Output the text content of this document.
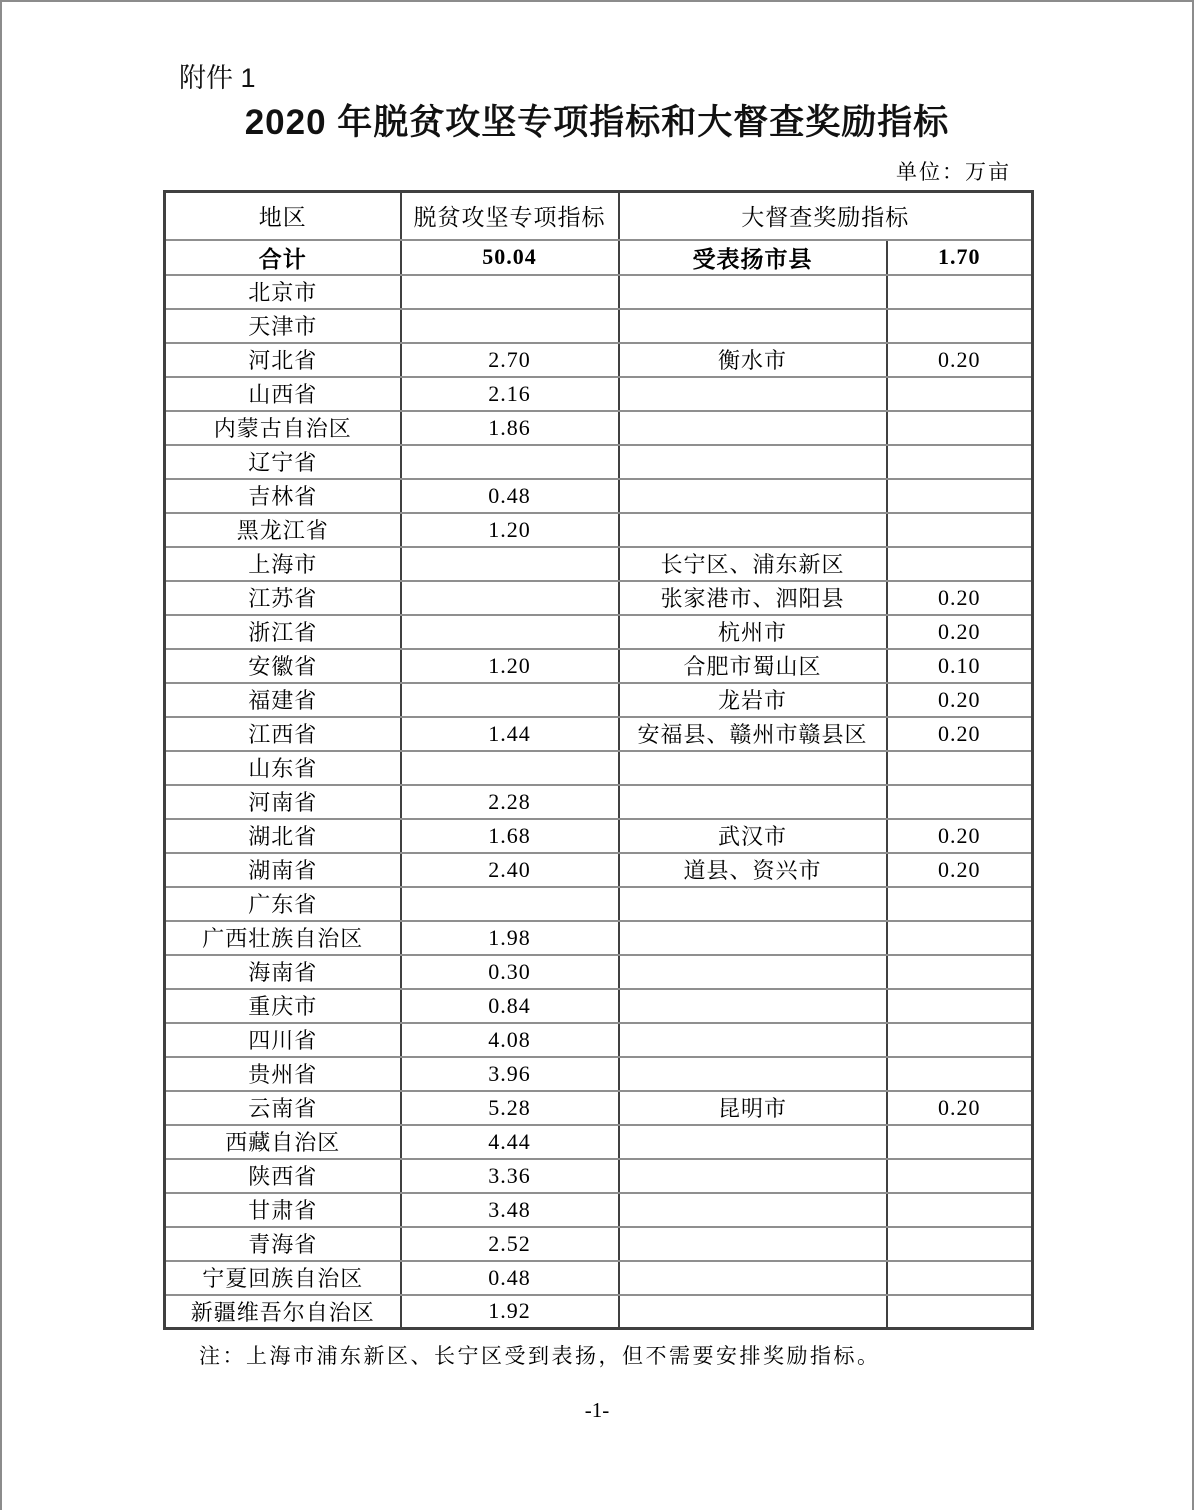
附件 1
2020 年脱贫攻坚专项指标和大督查奖励指标
单位：万亩
地区	脱贫攻坚专项指标	大督查奖励指标	
合计	50.04	受表扬市县	1.70
北京市			
天津市			
河北省	2.70	衡水市	0.20
山西省	2.16		
内蒙古自治区	1.86		
辽宁省			
吉林省	0.48		
黑龙江省	1.20		
上海市		长宁区、浦东新区	
江苏省		张家港市、泗阳县	0.20
浙江省		杭州市	0.20
安徽省	1.20	合肥市蜀山区	0.10
福建省		龙岩市	0.20
江西省	1.44	安福县、赣州市赣县区	0.20
山东省			
河南省	2.28		
湖北省	1.68	武汉市	0.20
湖南省	2.40	道县、资兴市	0.20
广东省			
广西壮族自治区	1.98		
海南省	0.30		
重庆市	0.84		
四川省	4.08		
贵州省	3.96		
云南省	5.28	昆明市	0.20
西藏自治区	4.44		
陕西省	3.36		
甘肃省	3.48		
青海省	2.52		
宁夏回族自治区	0.48		
新疆维吾尔自治区	1.92		
注：上海市浦东新区、长宁区受到表扬，但不需要安排奖励指标。
-1-
